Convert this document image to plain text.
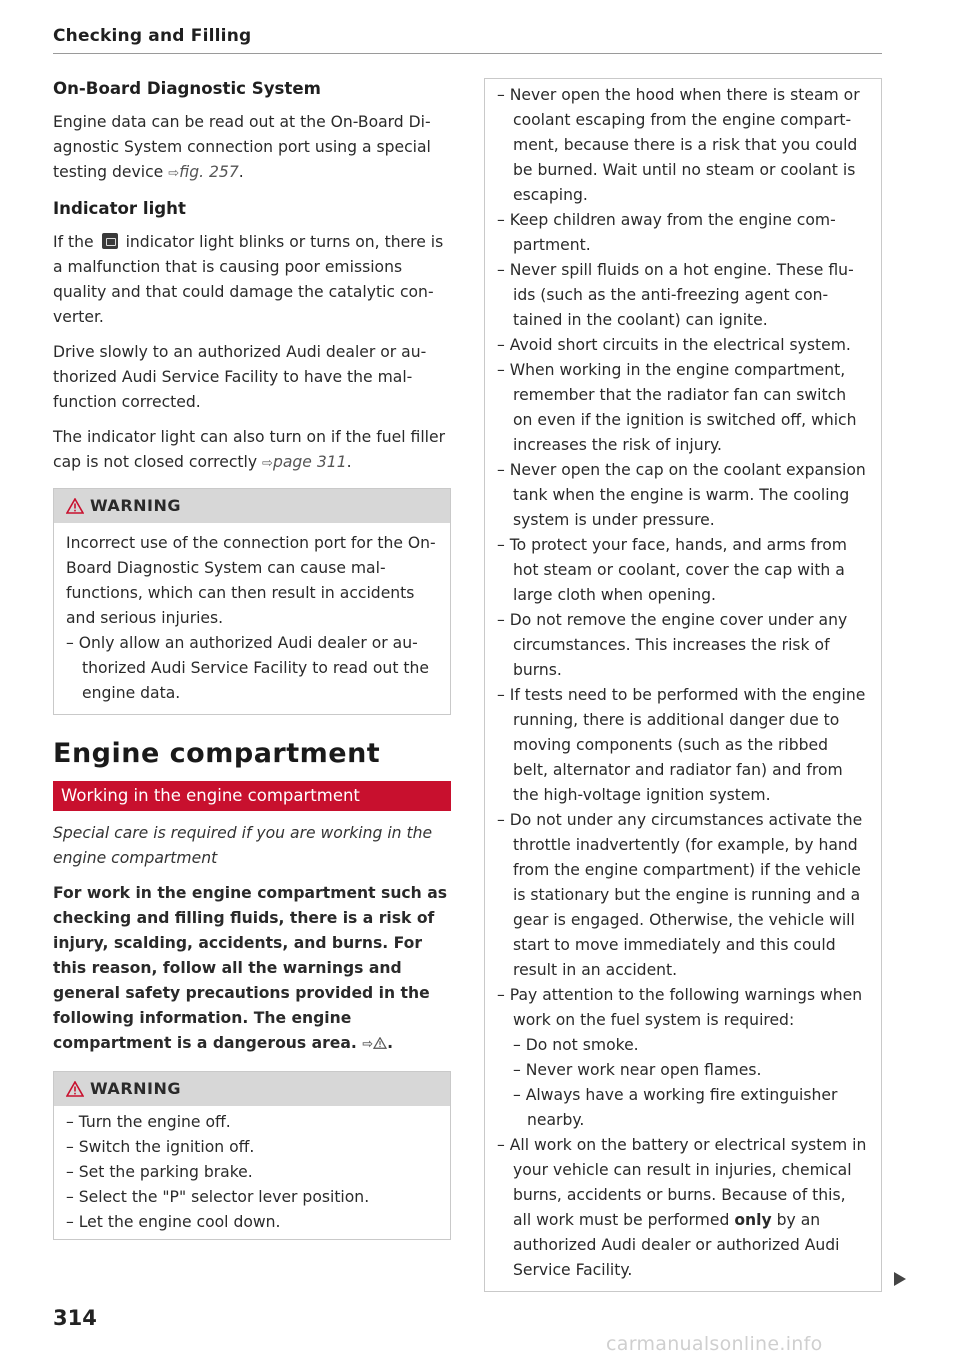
Checking and Filling
On-Board Diagnostic System

Engine data can be read out at the On-Board Diagnostic System connection port using a special testing device ⇨fig. 257.

Indicator light

If the indicator light blinks or turns on, there is a malfunction that is causing poor emissions quality and that could damage the catalytic converter.

Drive slowly to an authorized Audi dealer or authorized Audi Service Facility to have the malfunction corrected.

The indicator light can also turn on if the fuel filler cap is not closed correctly ⇨page 311.

WARNING

Incorrect use of the connection port for the On-Board Diagnostic System can cause malfunctions, which can then result in accidents and serious injuries.

– Only allow an authorized Audi dealer or authorized Audi Service Facility to read out the engine data.

Engine compartment
Working in the engine compartment

Special care is required if you are working in the engine compartment

For work in the engine compartment such as checking and filling fluids, there is a risk of injury, scalding, accidents, and burns. For this reason, follow all the warnings and general safety precautions provided in the following information. The engine compartment is a dangerous area. ⇨ .

WARNING

– Turn the engine off.

– Switch the ignition off.

– Set the parking brake.

– Select the "P" selector lever position.

– Let the engine cool down.

– Never open the hood when there is steam or coolant escaping from the engine compartment, because there is a risk that you could be burned. Wait until no steam or coolant is escaping.

– Keep children away from the engine compartment.

– Never spill fluids on a hot engine. These fluids (such as the anti-freezing agent contained in the coolant) can ignite.

– Avoid short circuits in the electrical system.

– When working in the engine compartment, remember that the radiator fan can switch on even if the ignition is switched off, which increases the risk of injury.

– Never open the cap on the coolant expansion tank when the engine is warm. The cooling system is under pressure.

– To protect your face, hands, and arms from hot steam or coolant, cover the cap with a large cloth when opening.

– Do not remove the engine cover under any circumstances. This increases the risk of burns.

– If tests need to be performed with the engine running, there is additional danger due to moving components (such as the ribbed belt, alternator and radiator fan) and from the high-voltage ignition system.

– Do not under any circumstances activate the throttle inadvertently (for example, by hand from the engine compartment) if the vehicle is stationary but the engine is running and a gear is engaged. Otherwise, the vehicle will start to move immediately and this could result in an accident.

– Pay attention to the following warnings when work on the fuel system is required:

– Do not smoke.

– Never work near open flames.

– Always have a working fire extinguisher nearby.

– All work on the battery or electrical system in your vehicle can result in injuries, chemical burns, accidents or burns. Because of this, all work must be performed only by an authorized Audi dealer or authorized Audi Service Facility.

314
carmanualsonline.info
